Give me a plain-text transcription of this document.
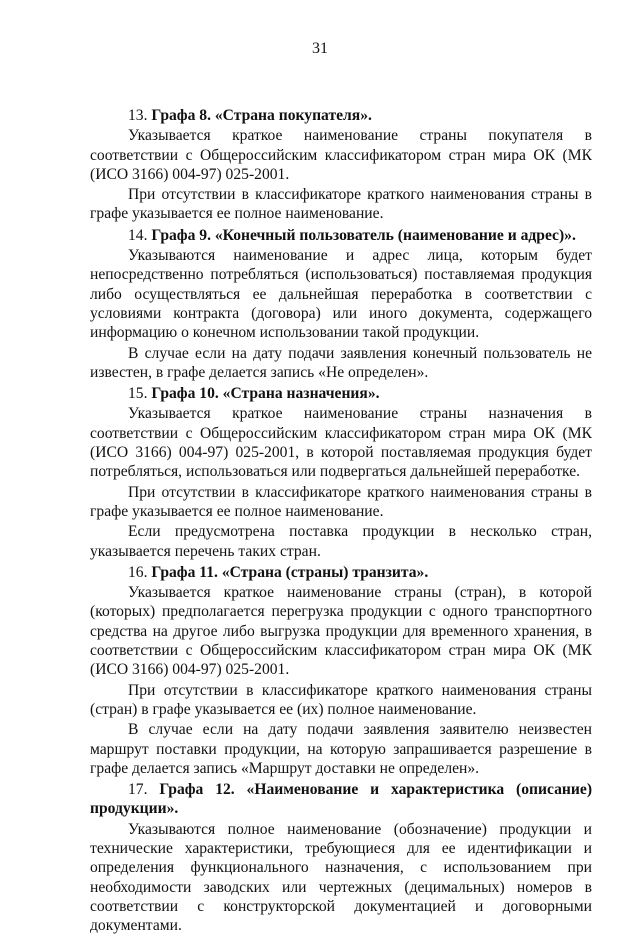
31

13. Графа 8. «Страна покупателя».

Указывается краткое наименование страны покупателя в соответствии с Общероссийским классификатором стран мира ОК (МК (ИСО 3166) 004-97) 025-2001.

При отсутствии в классификаторе краткого наименования страны в графе указывается ее полное наименование.

14. Графа 9. «Конечный пользователь (наименование и адрес)».

Указываются наименование и адрес лица, которым будет непосредственно потребляться (использоваться) поставляемая продукция либо осуществляться ее дальнейшая переработка в соответствии с условиями контракта (договора) или иного документа, содержащего информацию о конечном использовании такой продукции.

В случае если на дату подачи заявления конечный пользователь не известен, в графе делается запись «Не определен».

15. Графа 10. «Страна назначения».

Указывается краткое наименование страны назначения в соответствии с Общероссийским классификатором стран мира ОК (МК (ИСО 3166) 004-97) 025-2001, в которой поставляемая продукция будет потребляться, использоваться или подвергаться дальнейшей переработке.

При отсутствии в классификаторе краткого наименования страны в графе указывается ее полное наименование.

Если предусмотрена поставка продукции в несколько стран, указывается перечень таких стран.

16. Графа 11. «Страна (страны) транзита».

Указывается краткое наименование страны (стран), в которой (которых) предполагается перегрузка продукции с одного транспортного средства на другое либо выгрузка продукции для временного хранения, в соответствии с Общероссийским классификатором стран мира ОК (МК (ИСО 3166) 004-97) 025-2001.

При отсутствии в классификаторе краткого наименования страны (стран) в графе указывается ее (их) полное наименование.

В случае если на дату подачи заявления заявителю неизвестен маршрут поставки продукции, на которую запрашивается разрешение в графе делается запись «Маршрут доставки не определен».

17. Графа 12. «Наименование и характеристика (описание) продукции».

Указываются полное наименование (обозначение) продукции и технические характеристики, требующиеся для ее идентификации и определения функционального назначения, с использованием при необходимости заводских или чертежных (децимальных) номеров в соответствии с конструкторской документацией и договорными документами.
